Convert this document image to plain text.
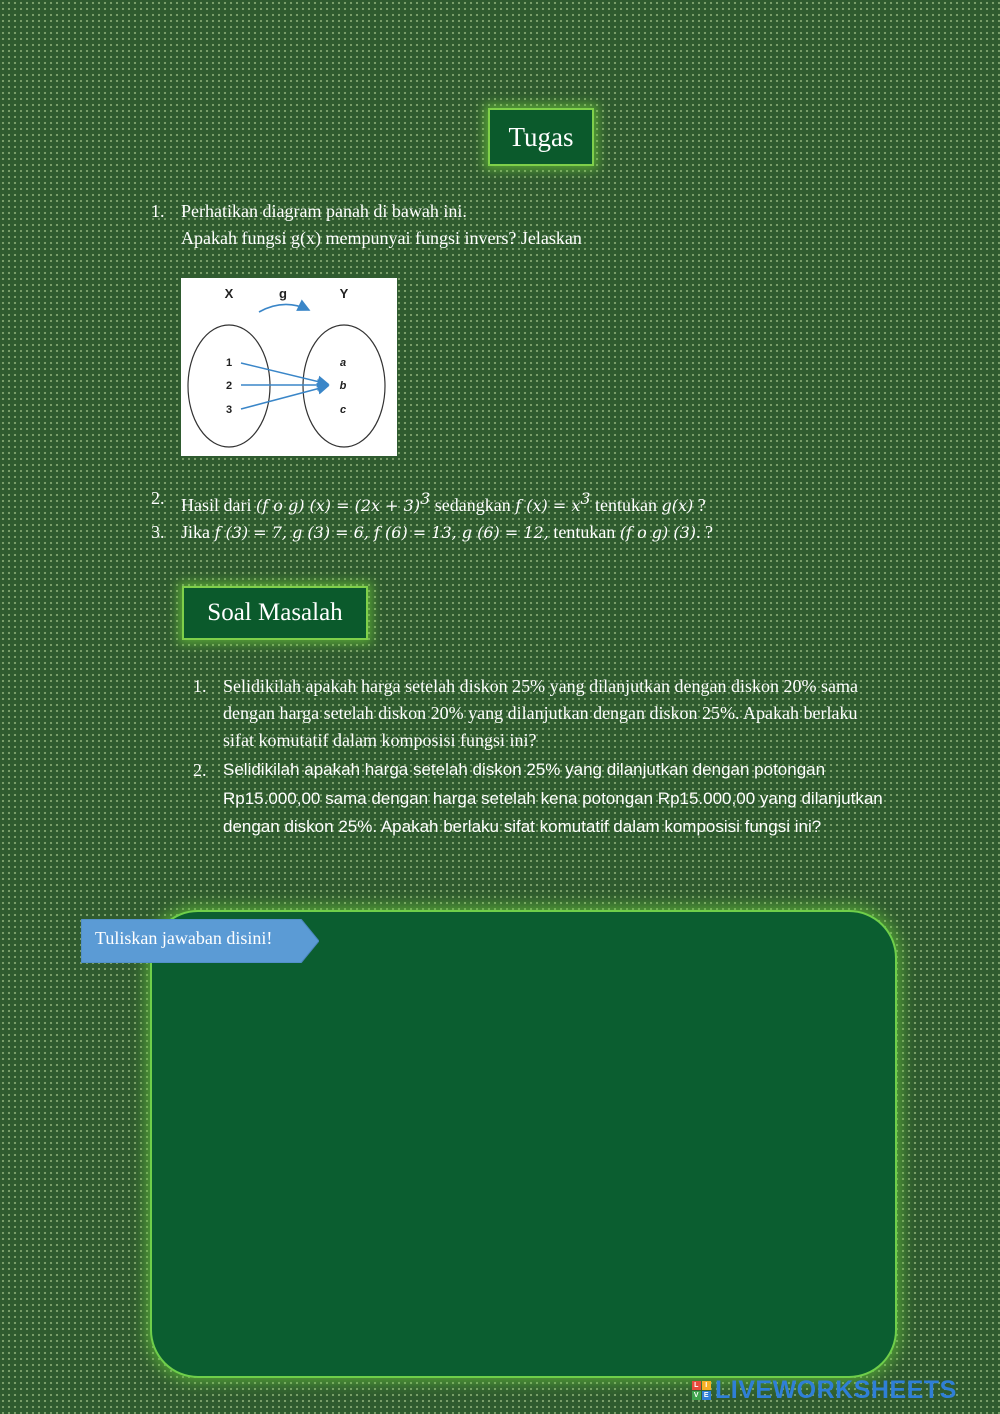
Tugas
1. Perhatikan diagram panah di bawah ini.
Apakah fungsi g(x) mempunyai fungsi invers? Jelaskan
X	g	Y
1
2
3
a
b
c
2. Hasil dari (f o g) $(x) = (2x + 3)^3$ sedangkan f $(x) = x^3$ tentukan g(x) ?
3. Jika f (3) = 7, g (3) = 6, f (6) = 13, g (6) = 12, tentukan (f o g) (3). ?
Soal Masalah
1. Selidikilah apakah harga setelah diskon 25% yang dilanjutkan dengan diskon 20% sama dengan harga setelah diskon 20% yang dilanjutkan dengan diskon 25%. Apakah berlaku sifat komutatif dalam komposisi fungsi ini?
2. Selidikilah apakah harga setelah diskon 25% yang dilanjutkan dengan potongan Rp15.000,00 sama dengan harga setelah kena potongan Rp15.000,00 yang dilanjutkan dengan diskon 25%. Apakah berlaku sifat komutatif dalam komposisi fungsi ini?
Tuliskan jawaban disini!
L I
V E LIVEWORKSHEETS
